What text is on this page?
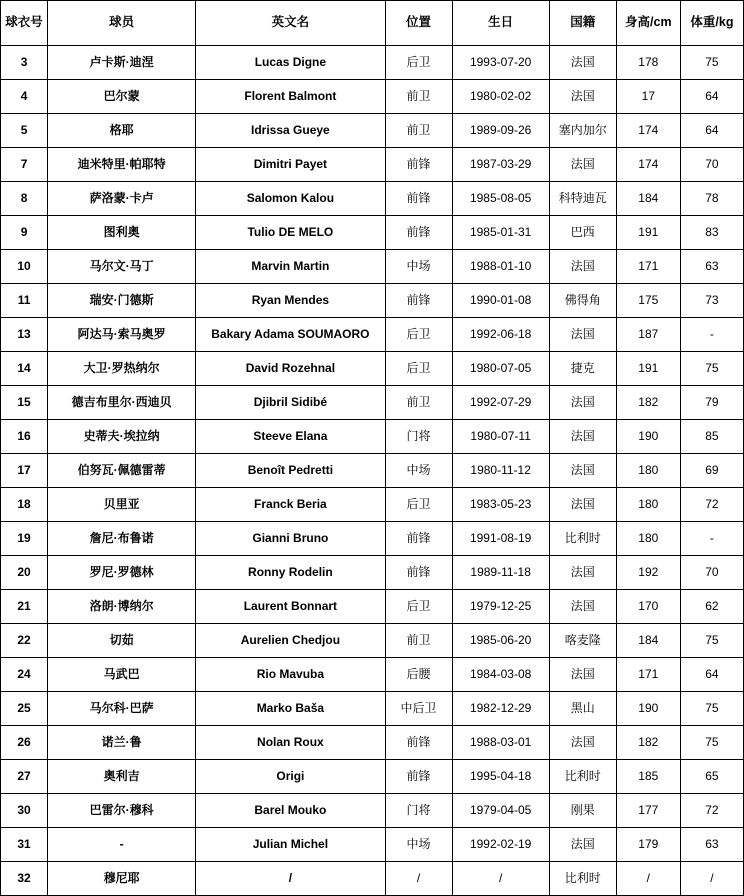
球衣号	球员	英文名	位置	生日	国籍	身高/cm	体重/kg
3	卢卡斯·迪涅	Lucas Digne	后卫	1993-07-20	法国	178	75
4	巴尔蒙	Florent Balmont	前卫	1980-02-02	法国	17	64
5	格耶	Idrissa Gueye	前卫	1989-09-26	塞内加尔	174	64
7	迪米特里·帕耶特	Dimitri Payet	前锋	1987-03-29	法国	174	70
8	萨洛蒙·卡卢	Salomon Kalou	前锋	1985-08-05	科特迪瓦	184	78
9	图利奥	Tulio DE MELO	前锋	1985-01-31	巴西	191	83
10	马尔文·马丁	Marvin Martin	中场	1988-01-10	法国	171	63
11	瑞安·门德斯	Ryan Mendes	前锋	1990-01-08	佛得角	175	73
13	阿达马·索马奥罗	Bakary Adama SOUMAORO	后卫	1992-06-18	法国	187	-
14	大卫·罗热纳尔	David Rozehnal	后卫	1980-07-05	捷克	191	75
15	德吉布里尔·西迪贝	Djibril Sidibé	前卫	1992-07-29	法国	182	79
16	史蒂夫·埃拉纳	Steeve Elana	门将	1980-07-11	法国	190	85
17	伯努瓦·佩德雷蒂	Benoît Pedretti	中场	1980-11-12	法国	180	69
18	贝里亚	Franck Beria	后卫	1983-05-23	法国	180	72
19	詹尼·布鲁诺	Gianni Bruno	前锋	1991-08-19	比利时	180	-
20	罗尼·罗德林	Ronny Rodelin	前锋	1989-11-18	法国	192	70
21	洛朗·博纳尔	Laurent Bonnart	后卫	1979-12-25	法国	170	62
22	切茹	Aurelien Chedjou	前卫	1985-06-20	喀麦隆	184	75
24	马武巴	Rio Mavuba	后腰	1984-03-08	法国	171	64
25	马尔科·巴萨	Marko Baša	中后卫	1982-12-29	黑山	190	75
26	诺兰·鲁	Nolan Roux	前锋	1988-03-01	法国	182	75
27	奥利吉	Origi	前锋	1995-04-18	比利时	185	65
30	巴雷尔·穆科	Barel Mouko	门将	1979-04-05	刚果	177	72
31	-	Julian Michel	中场	1992-02-19	法国	179	63
32	穆尼耶	/	/	/	比利时	/	/
